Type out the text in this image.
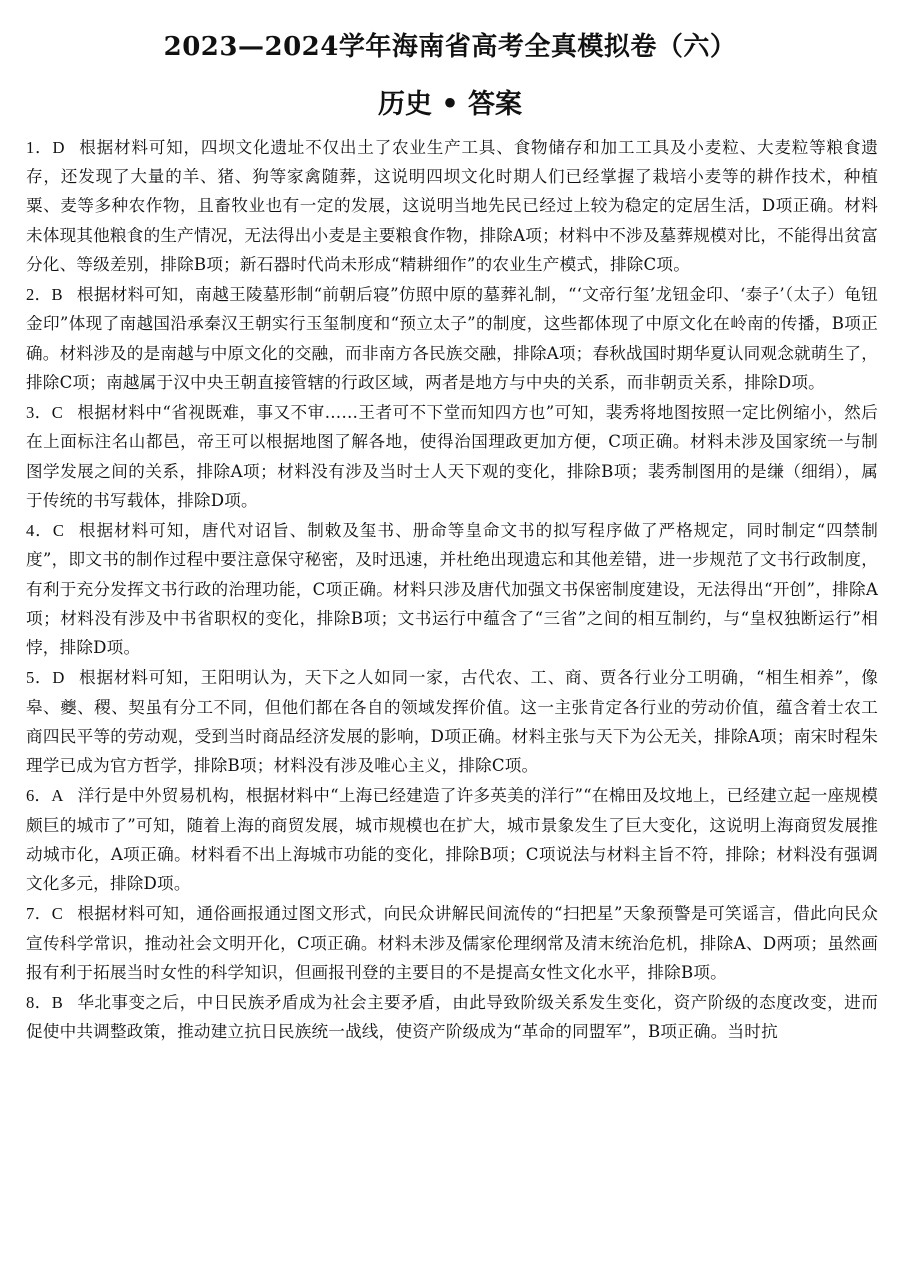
2023—2024学年海南省高考全真模拟卷（六）
历史 • 答案
1．D 根据材料可知，四坝文化遗址不仅出土了农业生产工具、食物储存和加工工具及小麦粒、大麦粒等粮食遗存，还发现了大量的羊、猪、狗等家禽随葬，这说明四坝文化时期人们已经掌握了栽培小麦等的耕作技术，种植粟、麦等多种农作物，且畜牧业也有一定的发展，这说明当地先民已经过上较为稳定的定居生活，D项正确。材料未体现其他粮食的生产情况，无法得出小麦是主要粮食作物，排除A项；材料中不涉及墓葬规模对比，不能得出贫富分化、等级差别，排除B项；新石器时代尚未形成“精耕细作”的农业生产模式，排除C项。
2．B 根据材料可知，南越王陵墓形制“前朝后寝”仿照中原的墓葬礼制，“‘文帝行玺’龙钮金印、‘泰子’（太子）龟钮金印”体现了南越国沿承秦汉王朝实行玉玺制度和“预立太子”的制度，这些都体现了中原文化在岭南的传播，B项正确。材料涉及的是南越与中原文化的交融，而非南方各民族交融，排除A项；春秋战国时期华夏认同观念就萌生了，排除C项；南越属于汉中央王朝直接管辖的行政区域，两者是地方与中央的关系，而非朝贡关系，排除D项。
3．C 根据材料中“省视既难，事又不审……王者可不下堂而知四方也”可知，裴秀将地图按照一定比例缩小，然后在上面标注名山都邑，帝王可以根据地图了解各地，使得治国理政更加方便，C项正确。材料未涉及国家统一与制图学发展之间的关系，排除A项；材料没有涉及当时士人天下观的变化，排除B项；裴秀制图用的是缣（细绢），属于传统的书写载体，排除D项。
4．C 根据材料可知，唐代对诏旨、制敕及玺书、册命等皇命文书的拟写程序做了严格规定，同时制定“四禁制度”，即文书的制作过程中要注意保守秘密，及时迅速，并杜绝出现遗忘和其他差错，进一步规范了文书行政制度，有利于充分发挥文书行政的治理功能，C项正确。材料只涉及唐代加强文书保密制度建设，无法得出“开创”，排除A项；材料没有涉及中书省职权的变化，排除B项；文书运行中蕴含了“三省”之间的相互制约，与“皇权独断运行”相悖，排除D项。
5．D 根据材料可知，王阳明认为，天下之人如同一家，古代农、工、商、贾各行业分工明确，“相生相养”，像皋、夔、稷、契虽有分工不同，但他们都在各自的领域发挥价值。这一主张肯定各行业的劳动价值，蕴含着士农工商四民平等的劳动观，受到当时商品经济发展的影响，D项正确。材料主张与天下为公无关，排除A项；南宋时程朱理学已成为官方哲学，排除B项；材料没有涉及唯心主义，排除C项。
6．A 洋行是中外贸易机构，根据材料中“上海已经建造了许多英美的洋行”“在棉田及坟地上，已经建立起一座规模颇巨的城市了”可知，随着上海的商贸发展，城市规模也在扩大，城市景象发生了巨大变化，这说明上海商贸发展推动城市化，A项正确。材料看不出上海城市功能的变化，排除B项；C项说法与材料主旨不符，排除；材料没有强调文化多元，排除D项。
7．C 根据材料可知，通俗画报通过图文形式，向民众讲解民间流传的“扫把星”天象预警是可笑谣言，借此向民众宣传科学常识，推动社会文明开化，C项正确。材料未涉及儒家伦理纲常及清末统治危机，排除A、D两项；虽然画报有利于拓展当时女性的科学知识，但画报刊登的主要目的不是提高女性文化水平，排除B项。
8．B 华北事变之后，中日民族矛盾成为社会主要矛盾，由此导致阶级关系发生变化，资产阶级的态度改变，进而促使中共调整政策，推动建立抗日民族统一战线，使资产阶级成为“革命的同盟军”，B项正确。当时抗
